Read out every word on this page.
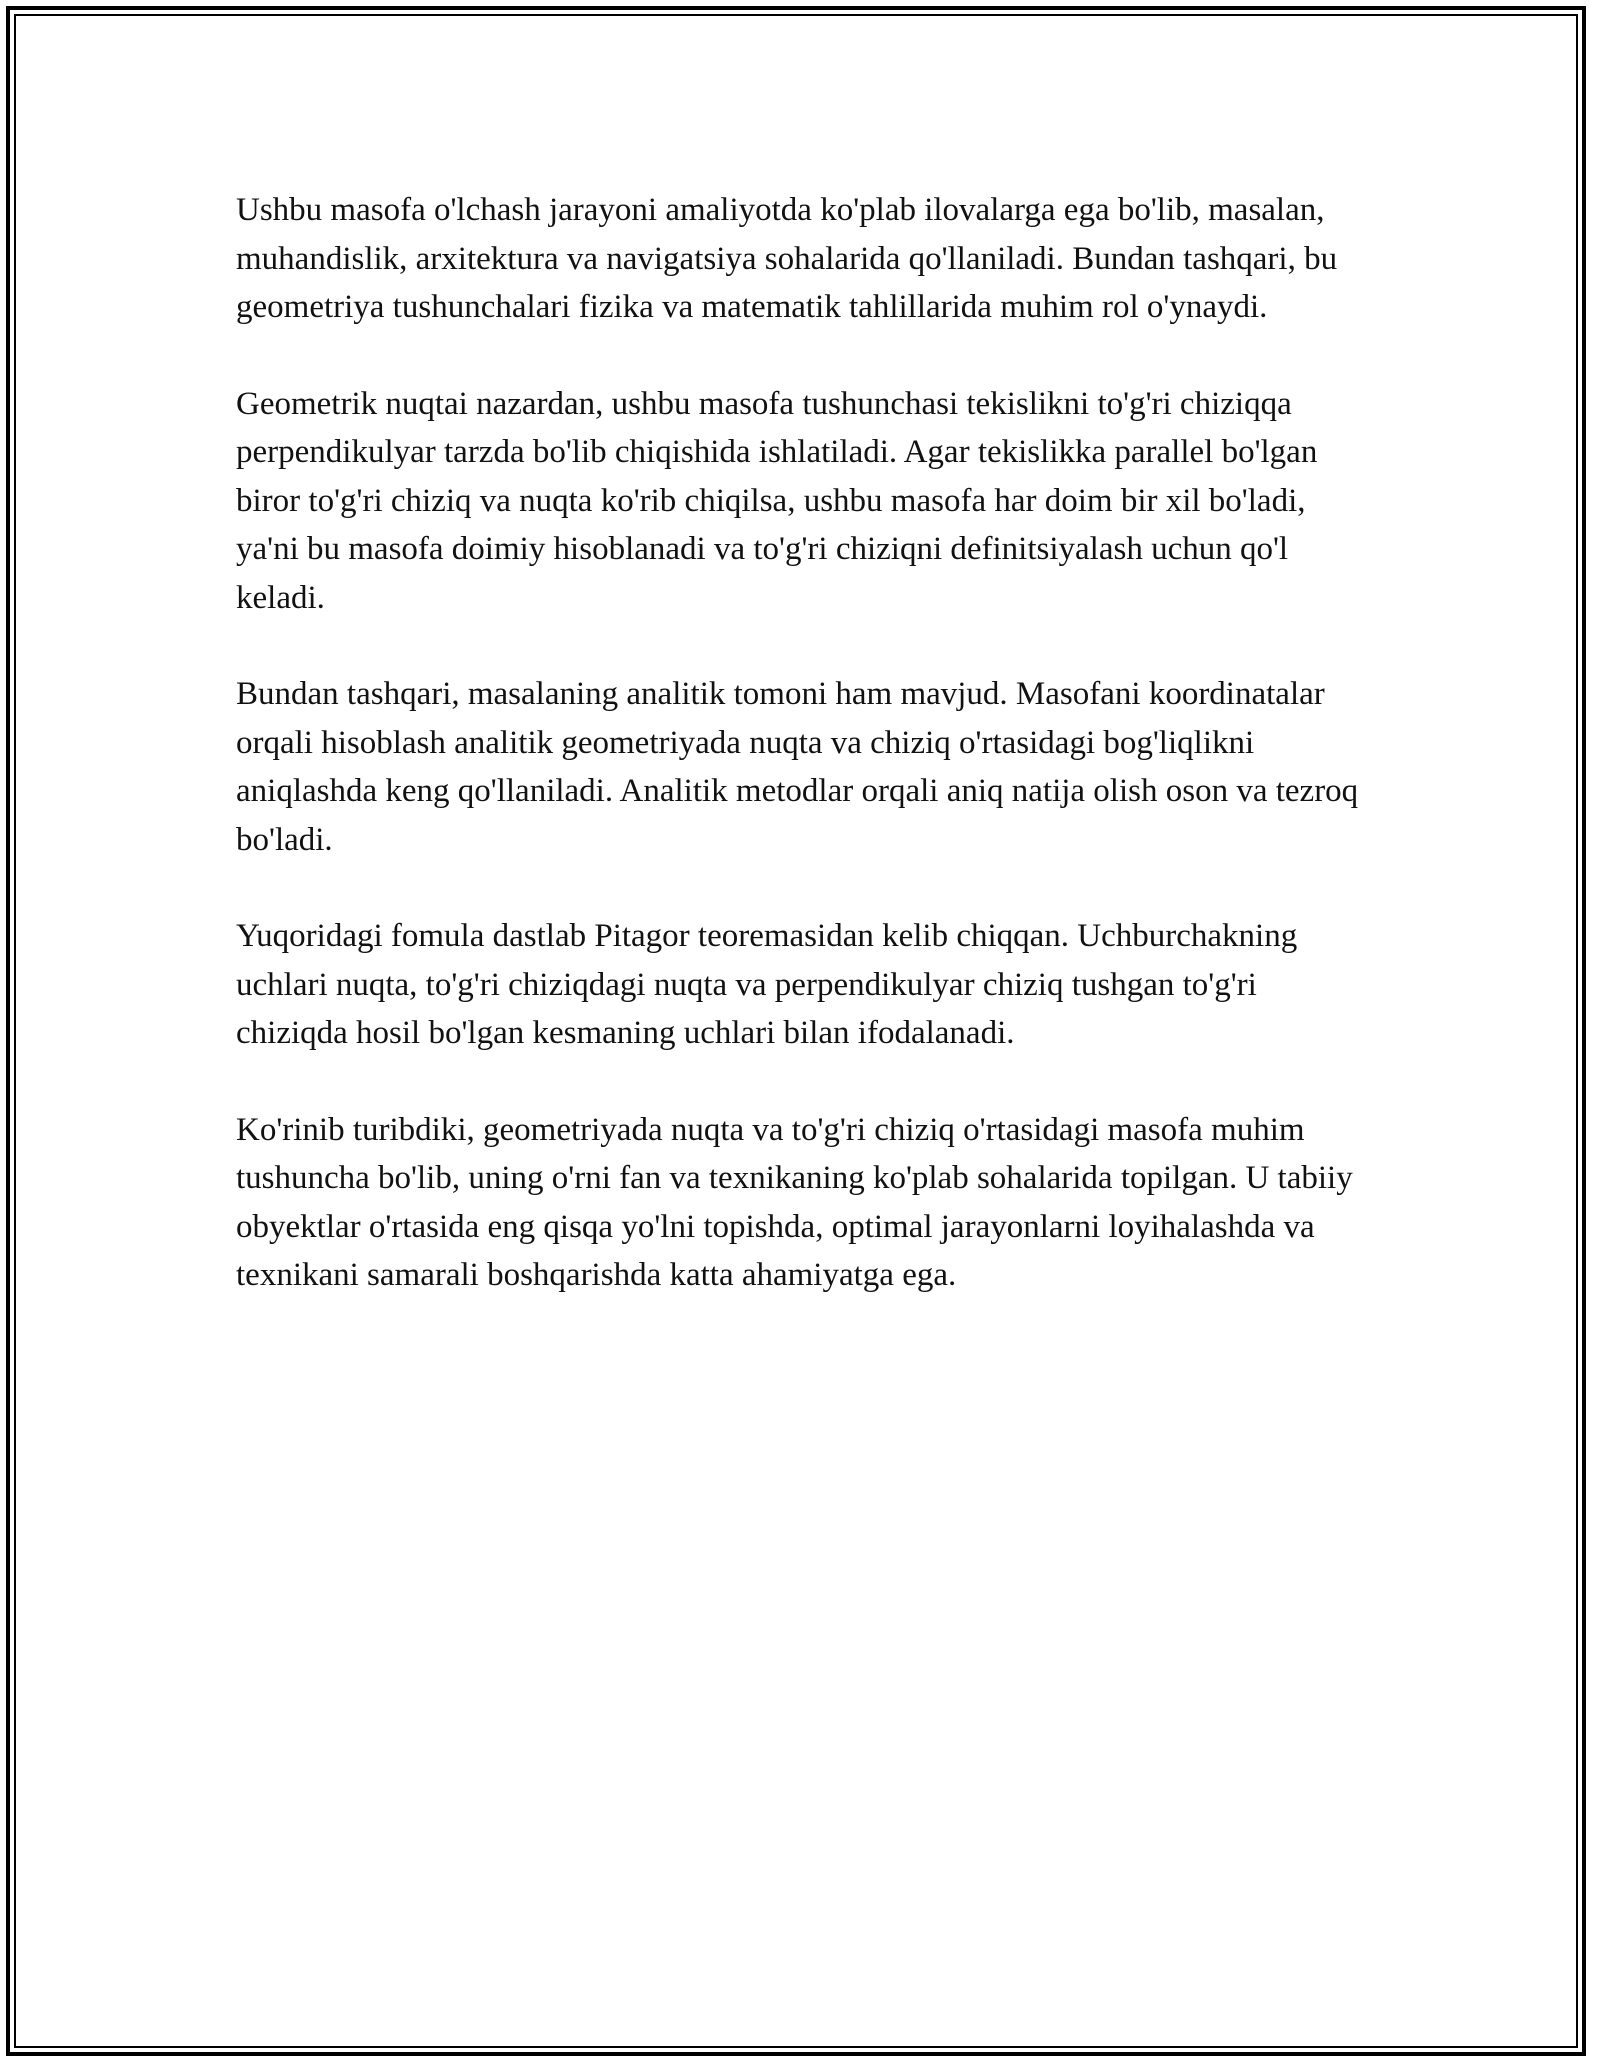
Ushbu masofa o'lchash jarayoni amaliyotda ko'plab ilovalarga ega bo'lib, masalan, muhandislik, arxitektura va navigatsiya sohalarida qo'llaniladi. Bundan tashqari, bu geometriya tushunchalari fizika va matematik tahlillarida muhim rol o'ynaydi.

Geometrik nuqtai nazardan, ushbu masofa tushunchasi tekislikni to'g'ri chiziqqa perpendikulyar tarzda bo'lib chiqishida ishlatiladi. Agar tekislikka parallel bo'lgan biror to'g'ri chiziq va nuqta ko'rib chiqilsa, ushbu masofa har doim bir xil bo'ladi, ya'ni bu masofa doimiy hisoblanadi va to'g'ri chiziqni definitsiyalash uchun qo'l keladi.

Bundan tashqari, masalaning analitik tomoni ham mavjud. Masofani koordinatalar orqali hisoblash analitik geometriyada nuqta va chiziq o'rtasidagi bog'liqlikni aniqlashda keng qo'llaniladi. Analitik metodlar orqali aniq natija olish oson va tezroq bo'ladi.

Yuqoridagi fomula dastlab Pitagor teoremasidan kelib chiqqan. Uchburchakning uchlari nuqta, to'g'ri chiziqdagi nuqta va perpendikulyar chiziq tushgan to'g'ri chiziqda hosil bo'lgan kesmaning uchlari bilan ifodalanadi.

Ko'rinib turibdiki, geometriyada nuqta va to'g'ri chiziq o'rtasidagi masofa muhim tushuncha bo'lib, uning o'rni fan va texnikaning ko'plab sohalarida topilgan. U tabiiy obyektlar o'rtasida eng qisqa yo'lni topishda, optimal jarayonlarni loyihalashda va texnikani samarali boshqarishda katta ahamiyatga ega.
